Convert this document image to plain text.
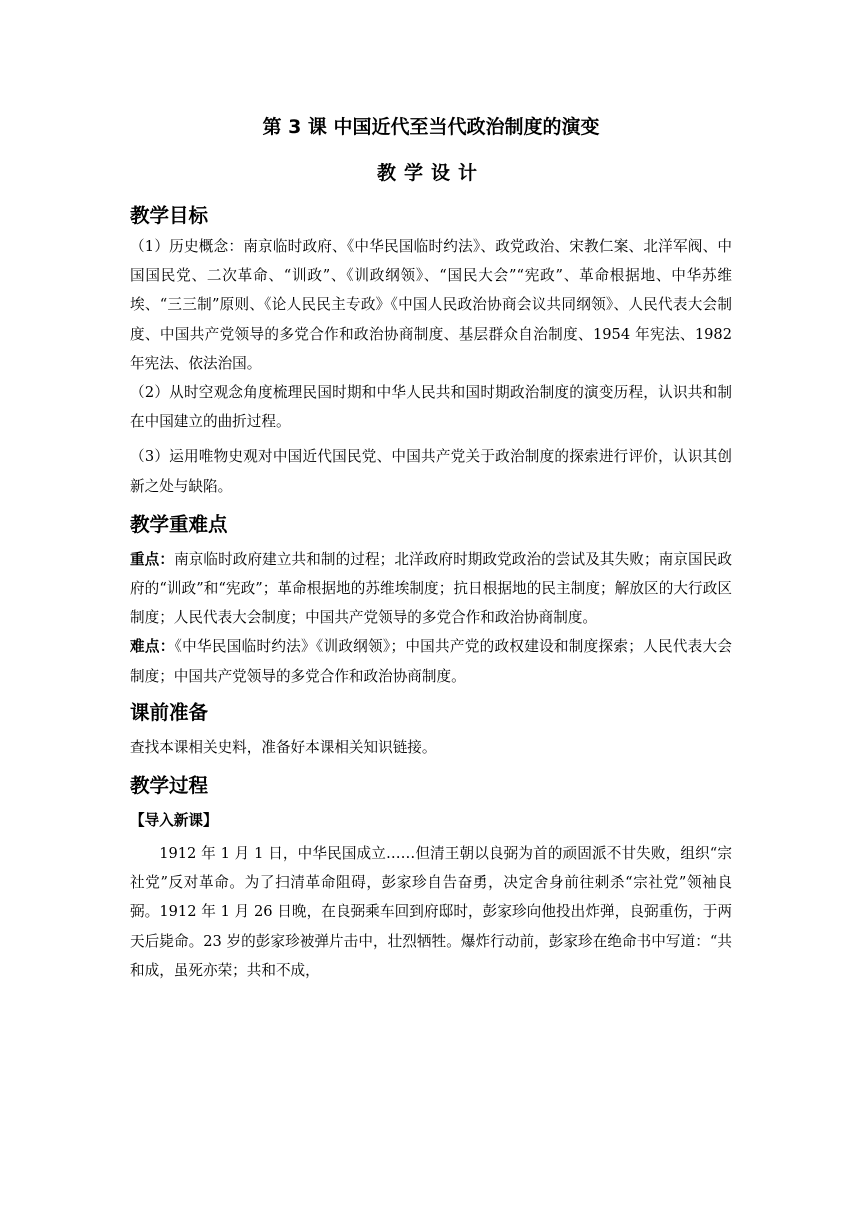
第 3 课 中国近代至当代政治制度的演变
教学设计
教学目标
（1）历史概念：南京临时政府、《中华民国临时约法》、政党政治、宋教仁案、北洋军阀、中国国民党、二次革命、“训政”、《训政纲领》、“国民大会”“宪政”、革命根据地、中华苏维埃、“三三制”原则、《论人民民主专政》《中国人民政治协商会议共同纲领》、人民代表大会制度、中国共产党领导的多党合作和政治协商制度、基层群众自治制度、1954 年宪法、1982 年宪法、依法治国。
（2）从时空观念角度梳理民国时期和中华人民共和国时期政治制度的演变历程，认识共和制在中国建立的曲折过程。
（3）运用唯物史观对中国近代国民党、中国共产党关于政治制度的探索进行评价，认识其创新之处与缺陷。
教学重难点
重点：南京临时政府建立共和制的过程；北洋政府时期政党政治的尝试及其失败；南京国民政府的“训政”和“宪政”；革命根据地的苏维埃制度；抗日根据地的民主制度；解放区的大行政区制度；人民代表大会制度；中国共产党领导的多党合作和政治协商制度。
难点：《中华民国临时约法》《训政纲领》；中国共产党的政权建设和制度探索；人民代表大会制度；中国共产党领导的多党合作和政治协商制度。
课前准备
查找本课相关史料，准备好本课相关知识链接。
教学过程
【导入新课】
1912 年 1 月 1 日，中华民国成立……但清王朝以良弼为首的顽固派不甘失败，组织“宗社党”反对革命。为了扫清革命阻碍，彭家珍自告奋勇，决定舍身前往刺杀“宗社党”领袖良弼。1912 年 1 月 26 日晚，在良弼乘车回到府邸时，彭家珍向他投出炸弹，良弼重伤，于两天后毙命。23 岁的彭家珍被弹片击中，壮烈牺牲。爆炸行动前，彭家珍在绝命书中写道：“共和成，虽死亦荣；共和不成，
